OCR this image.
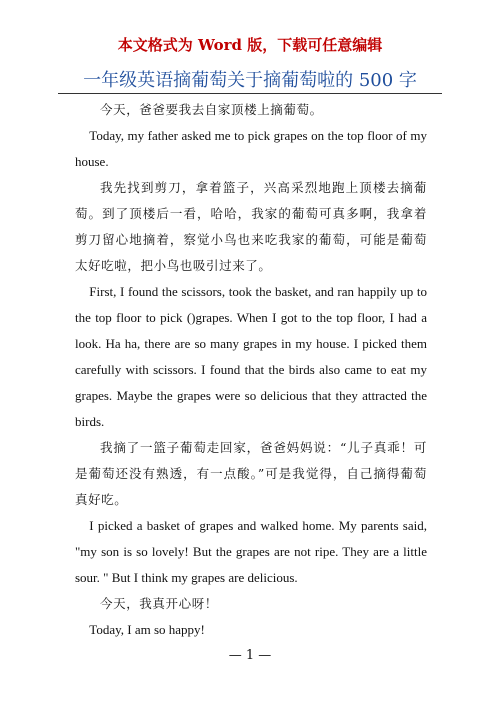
本文格式为 Word 版，下载可任意编辑
一年级英语摘葡萄关于摘葡萄啦的 500 字

今天，爸爸要我去自家顶楼上摘葡萄。

Today, my father asked me to pick grapes on the top floor of my house.

我先找到剪刀，拿着篮子，兴高采烈地跑上顶楼去摘葡萄。到了顶楼后一看，哈哈，我家的葡萄可真多啊，我拿着剪刀留心地摘着，察觉小鸟也来吃我家的葡萄，可能是葡萄太好吃啦，把小鸟也吸引过来了。

First, I found the scissors, took the basket, and ran happily up to the top floor to pick ()grapes. When I got to the top floor, I had a look. Ha ha, there are so many grapes in my house. I picked them carefully with scissors. I found that the birds also came to eat my grapes. Maybe the grapes were so delicious that they attracted the birds.

我摘了一篮子葡萄走回家，爸爸妈妈说：“儿子真乖！可是葡萄还没有熟透，有一点酸。”可是我觉得，自己摘得葡萄真好吃。

I picked a basket of grapes and walked home. My parents said, "my son is so lovely! But the grapes are not ripe. They are a little sour. " But I think my grapes are delicious.

今天，我真开心呀！

Today, I am so happy!

— 1 —
